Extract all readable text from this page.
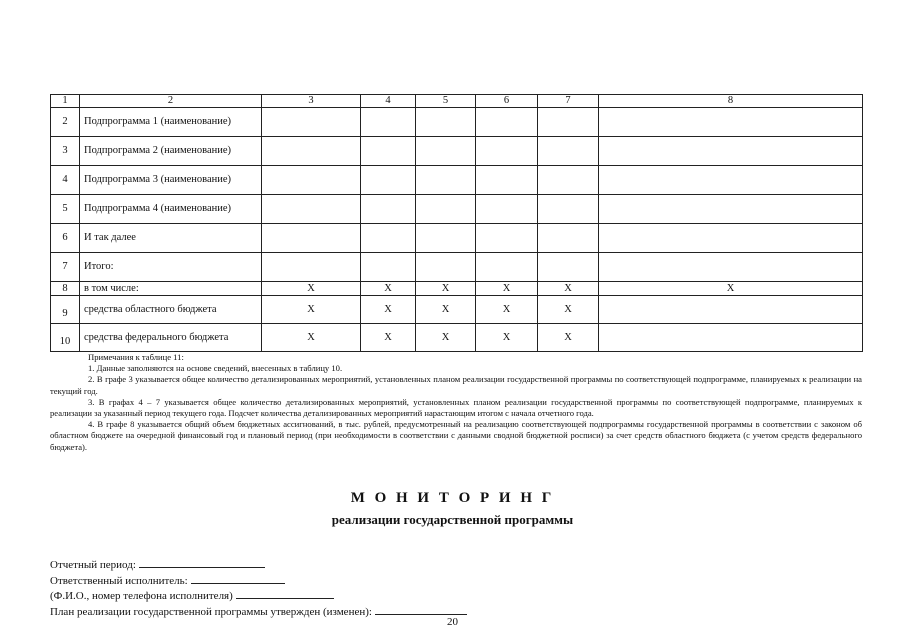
1	2	3	4	5	6	7	8
2	Подпрограмма 1 (наименование)						
3	Подпрограмма 2 (наименование)						
4	Подпрограмма 3 (наименование)						
5	Подпрограмма 4 (наименование)						
6	И так далее						
7	Итого:						
8	в том числе:	X	X	X	X	X	X
9	средства областного бюджета	X	X	X	X	X	
10	средства федерального бюджета	X	X	X	X	X	

Примечания к таблице 11:

1. Данные заполняются на основе сведений, внесенных в таблицу 10.

2. В графе 3 указывается общее количество детализированных мероприятий, установленных планом реализации государственной программы по соответствующей подпрограмме, планируемых к реализации на текущий год.

3. В графах 4 – 7 указывается общее количество детализированных мероприятий, установленных планом реализации государственной программы по соответствующей подпрограмме, планируемых к реализации за указанный период текущего года. Подсчет количества детализированных мероприятий нарастающим итогом с начала отчетного года.

4. В графе 8 указывается общий объем бюджетных ассигнований, в тыс. рублей, предусмотренный на реализацию соответствующей подпрограммы государственной программы в соответствии с законом об областном бюджете на очередной финансовый год и плановый период (при необходимости в соответствии с данными сводной бюджетной росписи) за счет средств областного бюджета (с учетом средств федерального бюджета).

М О Н И Т О Р И Н Г
реализации государственной программы
Отчетный период:
Ответственный исполнитель:
(Ф.И.О., номер телефона исполнителя)
План реализации государственной программы утвержден (изменен):
20
